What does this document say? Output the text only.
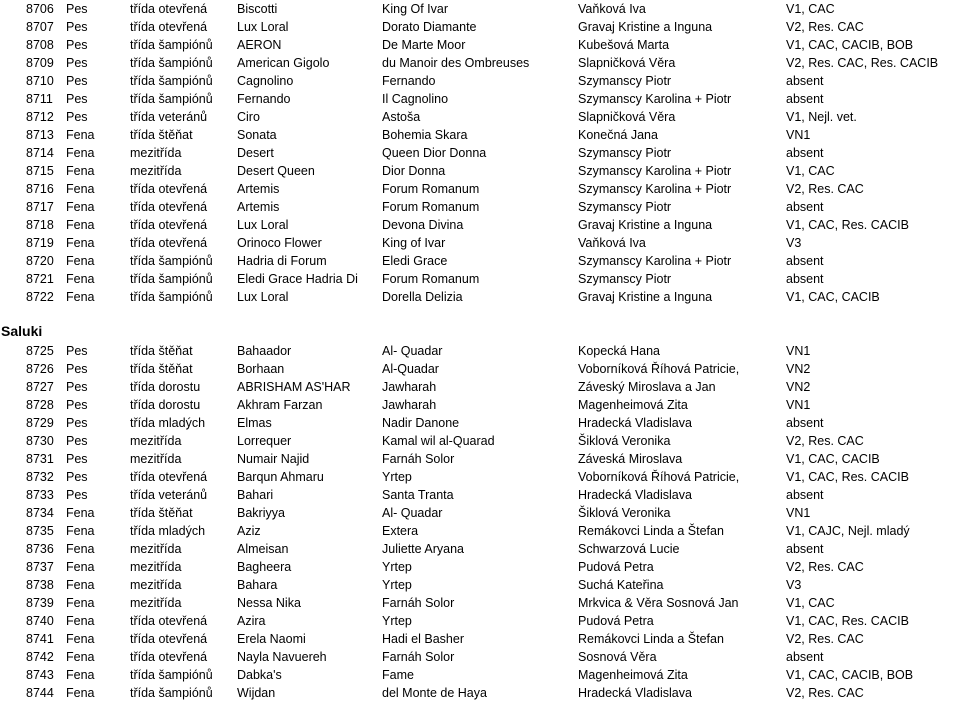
8706 Pes	třída otevřená	Biscotti	King Of Ivar	Vaňková Iva	V1, CAC
8707 Pes	třída otevřená	Lux Loral	Dorato Diamante	Gravaj Kristine a Inguna	V2, Res. CAC
8708 Pes	třída šampiónů	AERON	De Marte Moor	Kubešová Marta	V1, CAC, CACIB, BOB
8709 Pes	třída šampiónů	American Gigolo	du Manoir des Ombreuses	Slapničková Věra	V2, Res. CAC, Res. CACIB
8710 Pes	třída šampiónů	Cagnolino	Fernando	Szymanscy Piotr	absent
8711	Pes	třída šampiónů	Fernando	Il Cagnolino	Szymanscy Karolina + Piotr	absent
8712 Pes	třída veteránů	Ciro	Astoša	Slapničková Věra	V1, Nejl. vet.
8713 Fena	třída štěňat	Sonata	Bohemia Skara	Konečná Jana	VN1
8714 Fena	mezitřída	Desert	Queen Dior Donna	Szymanscy Piotr	absent
8715 Fena	mezitřída	Desert Queen	Dior Donna	Szymanscy Karolina + Piotr	V1, CAC
8716 Fena	třída otevřená	Artemis	Forum Romanum	Szymanscy Karolina + Piotr	V2, Res. CAC
8717 Fena	třída otevřená	Artemis	Forum Romanum	Szymanscy Piotr	absent
8718 Fena	třída otevřená	Lux Loral	Devona Divina	Gravaj Kristine a Inguna	V1, CAC, Res. CACIB
8719 Fena	třída otevřená	Orinoco Flower	King of Ivar	Vaňková Iva	V3
8720 Fena	třída šampiónů	Hadria di Forum	Eledi Grace	Szymanscy Karolina + Piotr	absent
8721 Fena	třída šampiónů	Eledi Grace Hadria Di	Forum Romanum	Szymanscy Piotr	absent
8722 Fena	třída šampiónů	Lux Loral	Dorella Delizia	Gravaj Kristine a Inguna	V1, CAC, CACIB
Saluki
8725 Pes	třída štěňat	Bahaador	Al- Quadar	Kopecká Hana	VN1
8726 Pes	třída štěňat	Borhaan	Al-Quadar	Voborníková Říhová Patricie,	VN2
8727 Pes	třída dorostu	ABRISHAM AS'HAR	Jawharah	Záveský Miroslava a Jan	VN2
8728 Pes	třída dorostu	Akhram Farzan	Jawharah	Magenheimová Zita	VN1
8729 Pes	třída mladých	Elmas	Nadir Danone	Hradecká Vladislava	absent
8730 Pes	mezitřída	Lorrequer	Kamal wil al-Quarad	Šiklová Veronika	V2, Res. CAC
8731 Pes	mezitřída	Numair Najid	Farnáh Solor	Záveská Miroslava	V1, CAC, CACIB
8732 Pes	třída otevřená	Barqun Ahmaru	Yrtep	Voborníková Říhová Patricie,	V1, CAC, Res. CACIB
8733 Pes	třída veteránů	Bahari	Santa Tranta	Hradecká Vladislava	absent
8734 Fena	třída štěňat	Bakriyya	Al- Quadar	Šiklová Veronika	VN1
8735 Fena	třída mladých	Aziz	Extera	Remákovci Linda a Štefan	V1, CAJC, Nejl. mladý
8736 Fena	mezitřída	Almeisan	Juliette Aryana	Schwarzová Lucie	absent
8737 Fena	mezitřída	Bagheera	Yrtep	Pudová Petra	V2, Res. CAC
8738 Fena	mezitřída	Bahara	Yrtep	Suchá Kateřina	V3
8739 Fena	mezitřída	Nessa Nika	Farnáh Solor	Mrkvica & Věra Sosnová Jan	V1, CAC
8740 Fena	třída otevřená	Azira	Yrtep	Pudová Petra	V1, CAC, Res. CACIB
8741 Fena	třída otevřená	Erela Naomi	Hadi el Basher	Remákovci Linda a Štefan	V2, Res. CAC
8742 Fena	třída otevřená	Nayla Navuereh	Farnáh Solor	Sosnová Věra	absent
8743 Fena	třída šampiónů	Dabka's	Fame	Magenheimová Zita	V1, CAC, CACIB, BOB
8744 Fena	třída šampiónů	Wijdan	del Monte de Haya	Hradecká Vladislava	V2, Res. CAC
